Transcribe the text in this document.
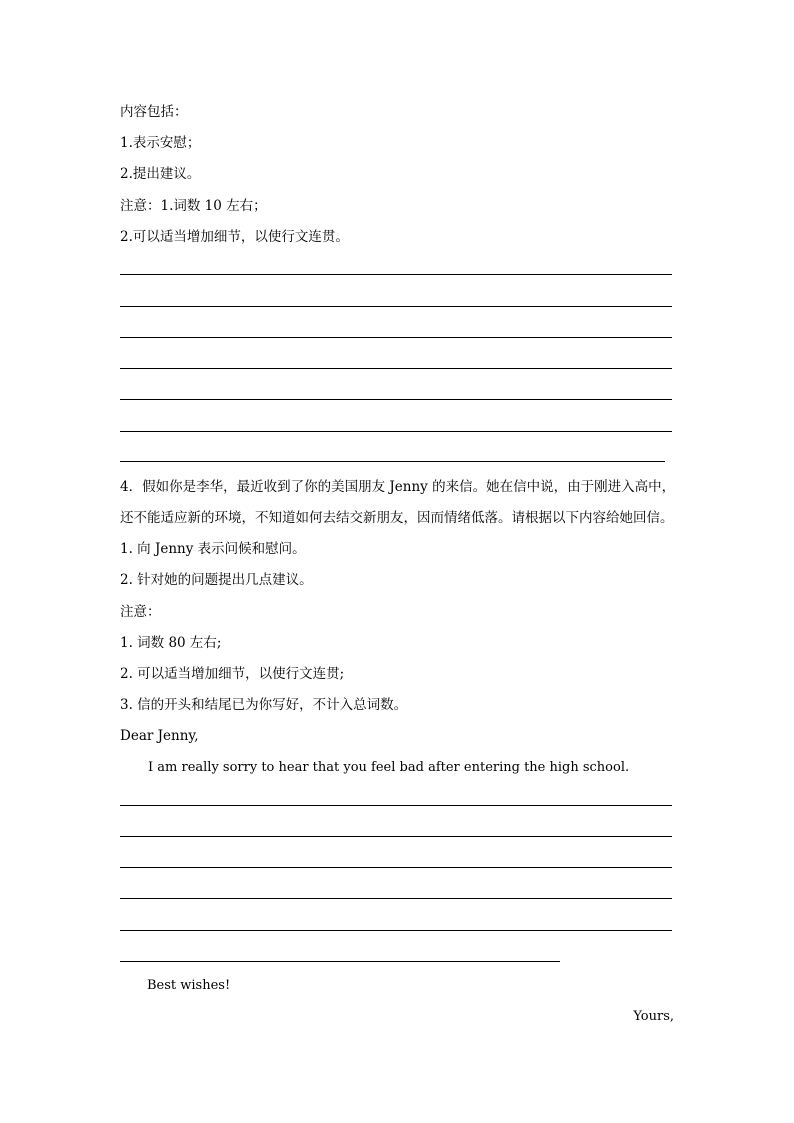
内容包括：
1.表示安慰；
2.提出建议。
注意：1.词数 10 左右；
2.可以适当增加细节，以使行文连贯。
4．假如你是李华，最近收到了你的美国朋友 Jenny 的来信。她在信中说，由于刚进入高中，
还不能适应新的环境，不知道如何去结交新朋友，因而情绪低落。请根据以下内容给她回信。
1. 向 Jenny 表示问候和慰问。
2. 针对她的问题提出几点建议。
注意：
1. 词数 80 左右;
2. 可以适当增加细节，以使行文连贯;
3. 信的开头和结尾已为你写好，不计入总词数。
Dear Jenny,
I am really sorry to hear that you feel bad after entering the high school.
Best wishes!
Yours,
